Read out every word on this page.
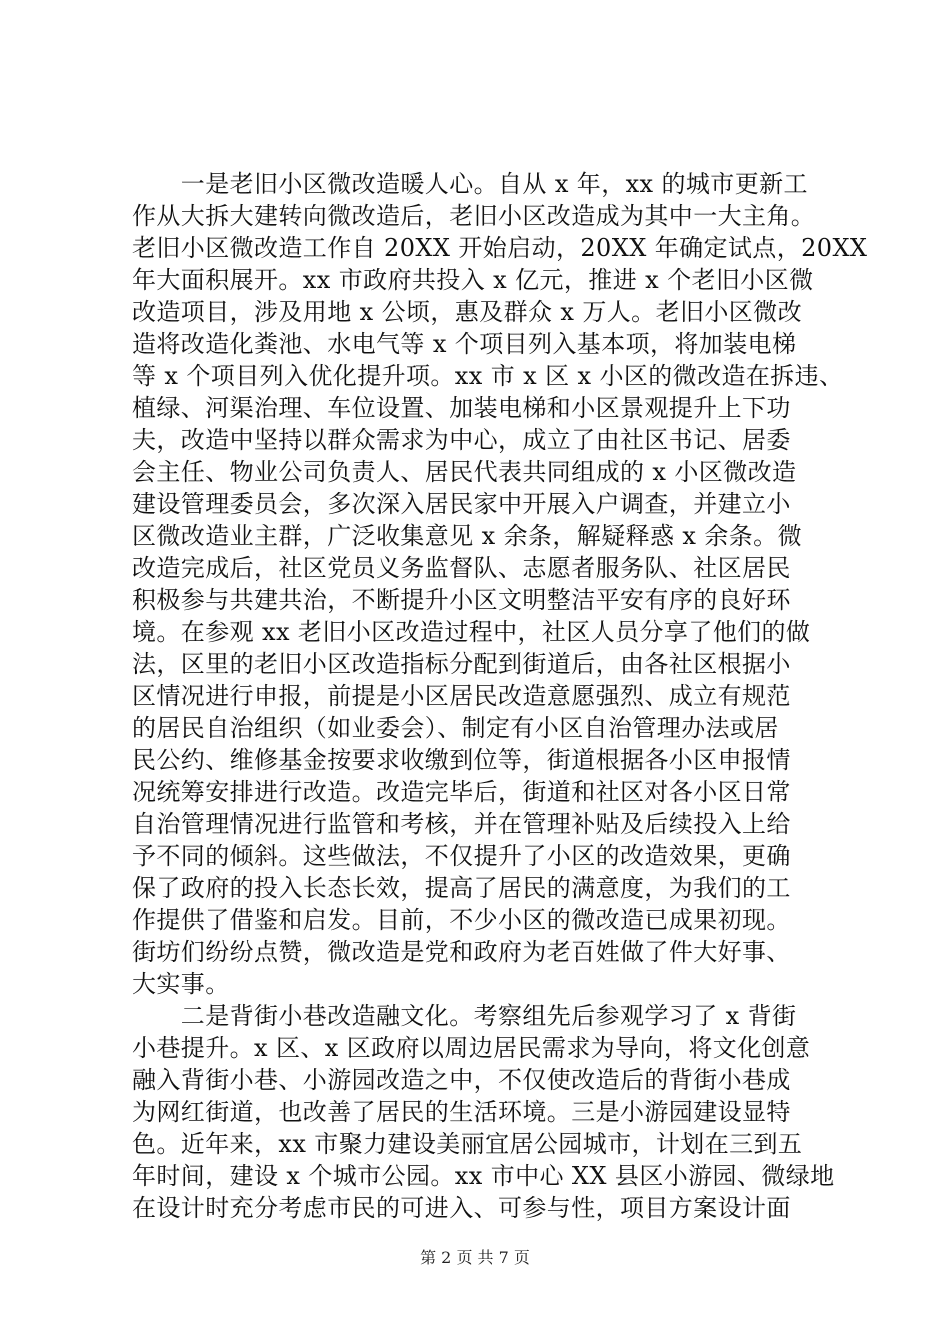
　　一是老旧小区微改造暖人心。自从 x 年，xx 的城市更新工
作从大拆大建转向微改造后，老旧小区改造成为其中一大主角。
老旧小区微改造工作自 20XX 开始启动，20XX 年确定试点，20XX
年大面积展开。xx 市政府共投入 x 亿元，推进 x 个老旧小区微
改造项目，涉及用地 x 公顷，惠及群众 x 万人。老旧小区微改
造将改造化粪池、水电气等 x 个项目列入基本项，将加装电梯
等 x 个项目列入优化提升项。xx 市 x 区 x 小区的微改造在拆违、
植绿、河渠治理、车位设置、加装电梯和小区景观提升上下功
夫，改造中坚持以群众需求为中心，成立了由社区书记、居委
会主任、物业公司负责人、居民代表共同组成的 x 小区微改造
建设管理委员会，多次深入居民家中开展入户调查，并建立小
区微改造业主群，广泛收集意见 x 余条，解疑释惑 x 余条。微
改造完成后，社区党员义务监督队、志愿者服务队、社区居民
积极参与共建共治，不断提升小区文明整洁平安有序的良好环
境。在参观 xx 老旧小区改造过程中，社区人员分享了他们的做
法，区里的老旧小区改造指标分配到街道后，由各社区根据小
区情况进行申报，前提是小区居民改造意愿强烈、成立有规范
的居民自治组织（如业委会）、制定有小区自治管理办法或居
民公约、维修基金按要求收缴到位等，街道根据各小区申报情
况统筹安排进行改造。改造完毕后，街道和社区对各小区日常
自治管理情况进行监管和考核，并在管理补贴及后续投入上给
予不同的倾斜。这些做法，不仅提升了小区的改造效果，更确
保了政府的投入长态长效，提高了居民的满意度，为我们的工
作提供了借鉴和启发。目前，不少小区的微改造已成果初现。
街坊们纷纷点赞，微改造是党和政府为老百姓做了件大好事、
大实事。
　　二是背街小巷改造融文化。考察组先后参观学习了 x 背街
小巷提升。x 区、x 区政府以周边居民需求为导向，将文化创意
融入背街小巷、小游园改造之中，不仅使改造后的背街小巷成
为网红街道，也改善了居民的生活环境。三是小游园建设显特
色。近年来，xx 市聚力建设美丽宜居公园城市，计划在三到五
年时间，建设 x 个城市公园。xx 市中心 XX 县区小游园、微绿地
在设计时充分考虑市民的可进入、可参与性，项目方案设计面
第 2 页 共 7 页
